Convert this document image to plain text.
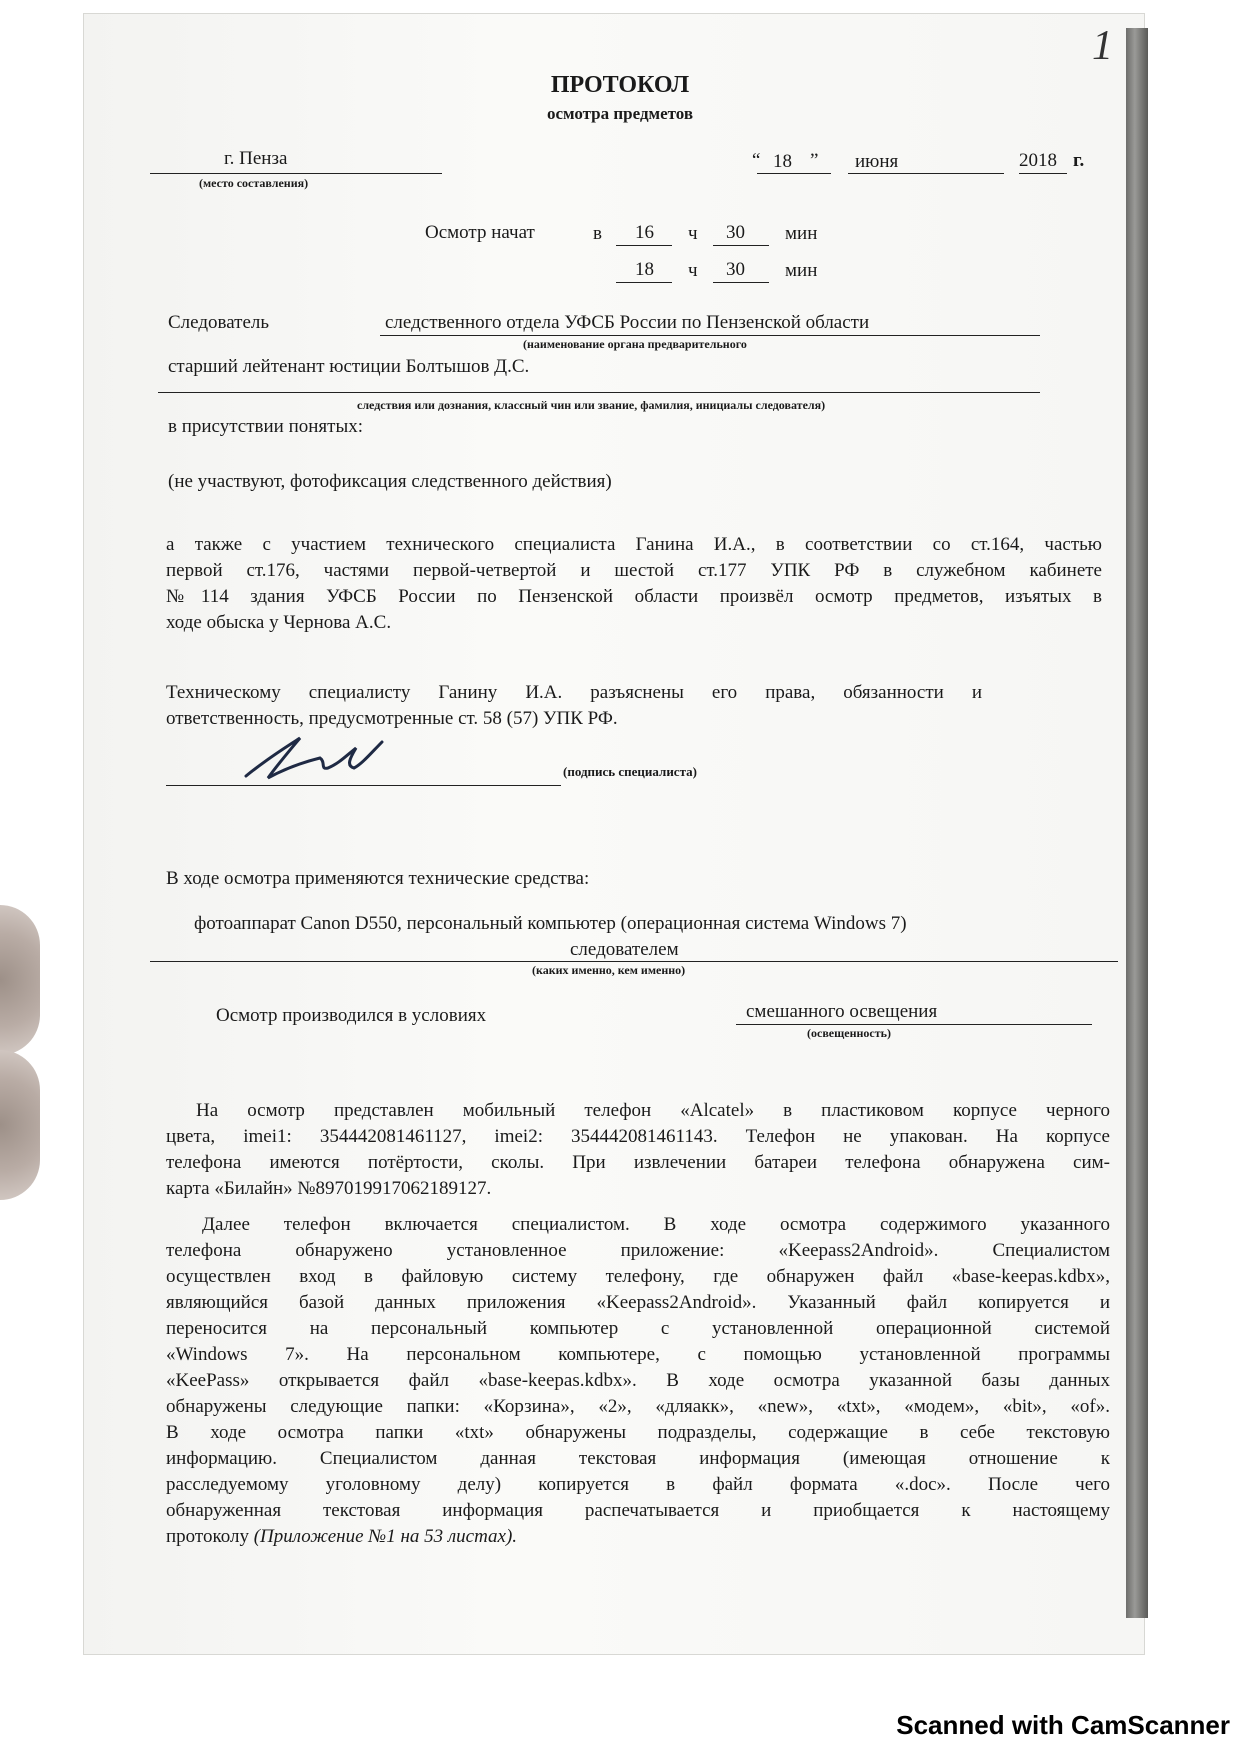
1
ПРОТОКОЛ
осмотра предметов
г. Пенза
(место составления)
“ 18 ” июня	2018 г.
Осмотр начат	в 16 ч 30 мин
18 ч 30 мин
Следователь	следственного отдела УФСБ России по Пензенской области
(наименование органа предварительного
старший лейтенант юстиции Болтышов Д.С.
следствия или дознания, классный чин или звание, фамилия, инициалы следователя)
в присутствии понятых:
(не участвуют, фотофиксация следственного действия)
а также с участием технического специалиста Ганина И.А., в соответствии со ст.164, частью
первой ст.176, частями первой-четвертой и шестой ст.177 УПК РФ в служебном кабинете
№114 здания УФСБ России по Пензенской области произвёл осмотр предметов, изъятых в
ходе обыска у Чернова А.С.
Техническому специалисту Ганину И.А. разъяснены его права, обязанности и
ответственность, предусмотренные ст. 58 (57) УПК РФ.
(подпись специалиста)
В ходе осмотра применяются технические средства:
фотоаппарат Canon D550, персональный компьютер (операционная система Windows 7)
следователем
(каких именно, кем именно)
Осмотр производился в условиях	смешанного освещения
(освещенность)
На осмотр представлен мобильный телефон «Alcatel» в пластиковом корпусе черного
цвета, imei1: 354442081461127, imei2: 354442081461143. Телефон не упакован. На корпусе
телефона имеются потёртости, сколы. При извлечении батареи телефона обнаружена сим-
карта «Билайн» №8970199170621891​27.
Далее телефон включается специалистом. В ходе осмотра содержимого указанного
телефона обнаружено установленное приложение: «Keepass2Android». Специалистом
осуществлен вход в файловую систему телефону, где обнаружен файл «base-keepas.kdbx»,
являющийся базой данных приложения «Keepass2Android». Указанный файл копируется и
переносится на персональный компьютер с установленной операционной системой
«Windows 7». На персональном компьютере, с помощью установленной программы
«KeePass» открывается файл «base-keepas.kdbx». В ходе осмотра указанной базы данных
обнаружены следующие папки: «Корзина», «2», «дляакк», «new», «txt», «модем», «bit», «of».
В ходе осмотра папки «txt» обнаружены подразделы, содержащие в себе текстовую
информацию. Специалистом данная текстовая информация (имеющая отношение к
расследуемому уголовному делу) копируется в файл формата «.doc». После чего
обнаруженная текстовая информация распечатывается и приобщается к настоящему
протоколу (Приложение №1 на 53 листах).
Scanned with CamScanner
